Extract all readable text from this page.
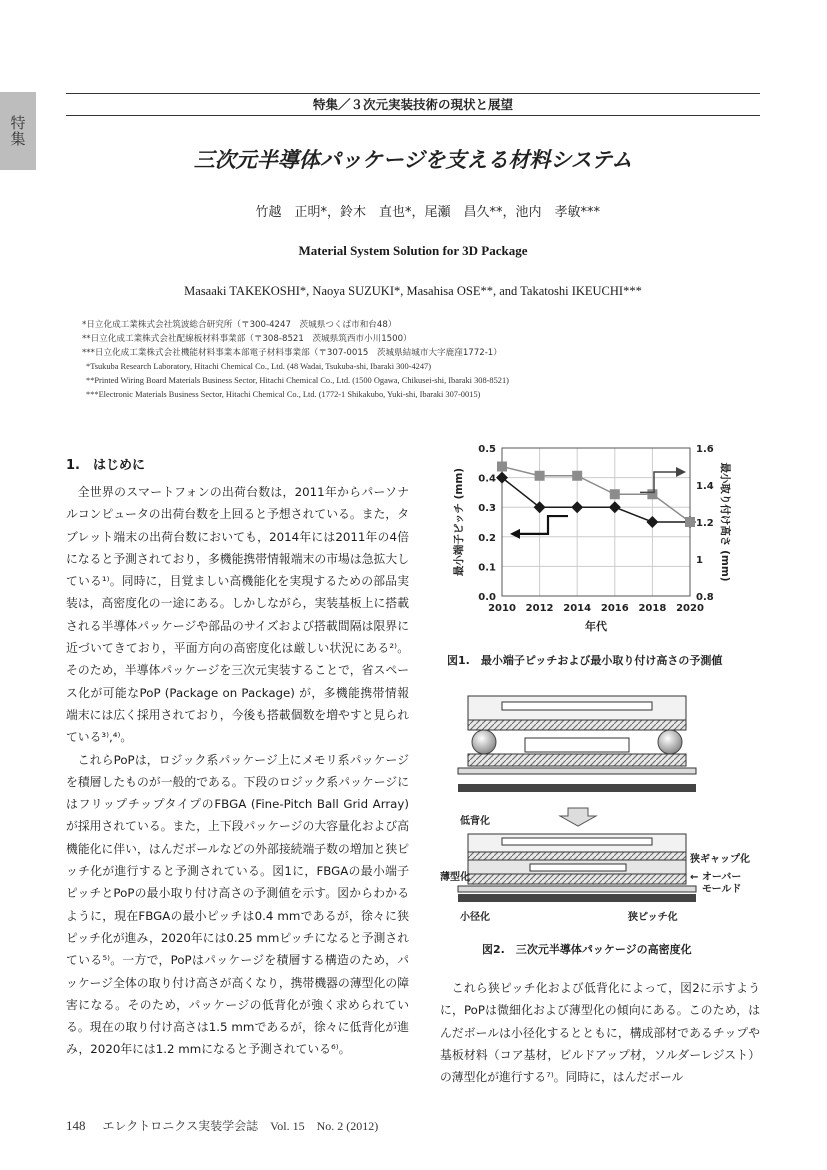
特集
特集／３次元実装技術の現状と展望
三次元半導体パッケージを支える材料システム
竹越　正明*，鈴木　直也*，尾瀬　昌久**，池内　孝敏***
Material System Solution for 3D Package
Masaaki TAKEKOSHI*, Naoya SUZUKI*, Masahisa OSE**, and Takatoshi IKEUCHI***
*日立化成工業株式会社筑波総合研究所（〒300-4247　茨城県つくば市和台48）
**日立化成工業株式会社配線板材料事業部（〒308-8521　茨城県筑西市小川1500）
***日立化成工業株式会社機能材料事業本部電子材料事業部（〒307-0015　茨城県結城市大字鹿窪1772-1）
*Tsukuba Research Laboratory, Hitachi Chemical Co., Ltd. (48 Wadai, Tsukuba-shi, Ibaraki 300-4247)
**Printed Wiring Board Materials Business Sector, Hitachi Chemical Co., Ltd. (1500 Ogawa, Chikusei-shi, Ibaraki 308-8521)
***Electronic Materials Business Sector, Hitachi Chemical Co., Ltd. (1772-1 Shikakubo, Yuki-shi, Ibaraki 307-0015)
1.　はじめに

全世界のスマートフォンの出荷台数は，2011年からパーソナルコンピュータの出荷台数を上回ると予想されている。また，タブレット端末の出荷台数においても，2014年には2011年の4倍になると予測されており，多機能携帯情報端末の市場は急拡大している¹⁾。同時に，目覚ましい高機能化を実現するための部品実装は，高密度化の一途にある。しかしながら，実装基板上に搭載される半導体パッケージや部品のサイズおよび搭載間隔は限界に近づいてきており，平面方向の高密度化は厳しい状況にある²⁾。そのため，半導体パッケージを三次元実装することで，省スペース化が可能なPoP (Package on Package) が，多機能携帯情報端末には広く採用されており，今後も搭載個数を増やすと見られている³⁾,⁴⁾。

これらPoPは，ロジック系パッケージ上にメモリ系パッケージを積層したものが一般的である。下段のロジック系パッケージにはフリップチップタイプのFBGA (Fine-Pitch Ball Grid Array) が採用されている。また，上下段パッケージの大容量化および高機能化に伴い，はんだボールなどの外部接続端子数の増加と狭ピッチ化が進行すると予測されている。図1に，FBGAの最小端子ピッチとPoPの最小取り付け高さの予測値を示す。図からわかるように，現在FBGAの最小ピッチは0.4 mmであるが，徐々に狭ピッチ化が進み，2020年には0.25 mmピッチになると予測されている⁵⁾。一方で，PoPはパッケージを積層する構造のため，パッケージ全体の取り付け高さが高くなり，携帯機器の薄型化の障害になる。そのため，パッケージの低背化が強く求められている。現在の取り付け高さは1.5 mmであるが，徐々に低背化が進み，2020年には1.2 mmになると予測されている⁶⁾。

0.0
0.1
0.2
0.3
0.4
0.5
0.8
1
1.2
1.4
1.6
2010 2012 2014 2016 2018 2020
年代
最小端子ピッチ (mm)	最小取り付け高さ (mm)
図1.　最小端子ピッチおよび最小取り付け高さの予測値
低背化
薄型化
小径化	狭ピッチ化
狭ギャップ化
← オーバー モールド
図2.　三次元半導体パッケージの高密度化

これら狭ピッチ化および低背化によって，図2に示すように，PoPは微細化および薄型化の傾向にある。このため，はんだボールは小径化するとともに，構成部材であるチップや基板材料（コア基材，ビルドアップ材，ソルダーレジスト）の薄型化が進行する⁷⁾。同時に，はんだボール

148 エレクトロニクス実装学会誌　Vol. 15　No. 2 (2012)
